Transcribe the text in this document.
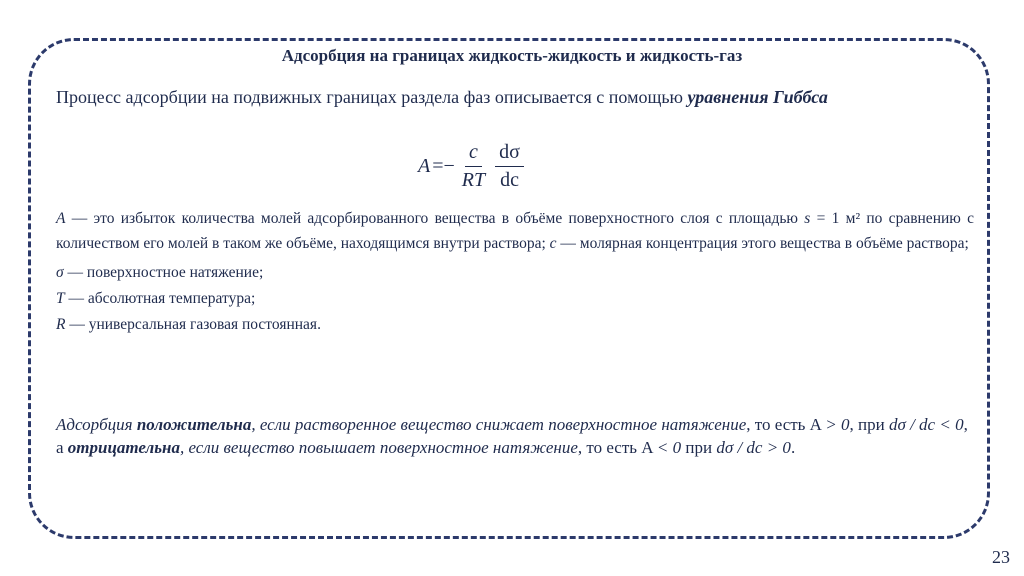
Адсорбция на границах жидкость-жидкость и жидкость-газ
Процесс адсорбции на подвижных границах раздела фаз описывается с помощью уравнения Гиббса
$A =- \frac{c}{RT} \frac{d\sigma}{dc}$
A — это избыток количества молей адсорбированного вещества в объёме поверхностного слоя с площадью s = 1 м² по сравнению с количеством его молей в таком же объёме, находящимся внутри раствора; c — молярная концентрация этого вещества в объёме раствора;
σ — поверхностное натяжение;
T — абсолютная температура;
R — универсальная газовая постоянная.
Адсорбция положительна, если растворенное вещество снижает поверхностное натяжение, то есть A > 0, при dσ / dc < 0,
а отрицательна, если вещество повышает поверхностное натяжение, то есть A < 0 при dσ / dc > 0.
23
